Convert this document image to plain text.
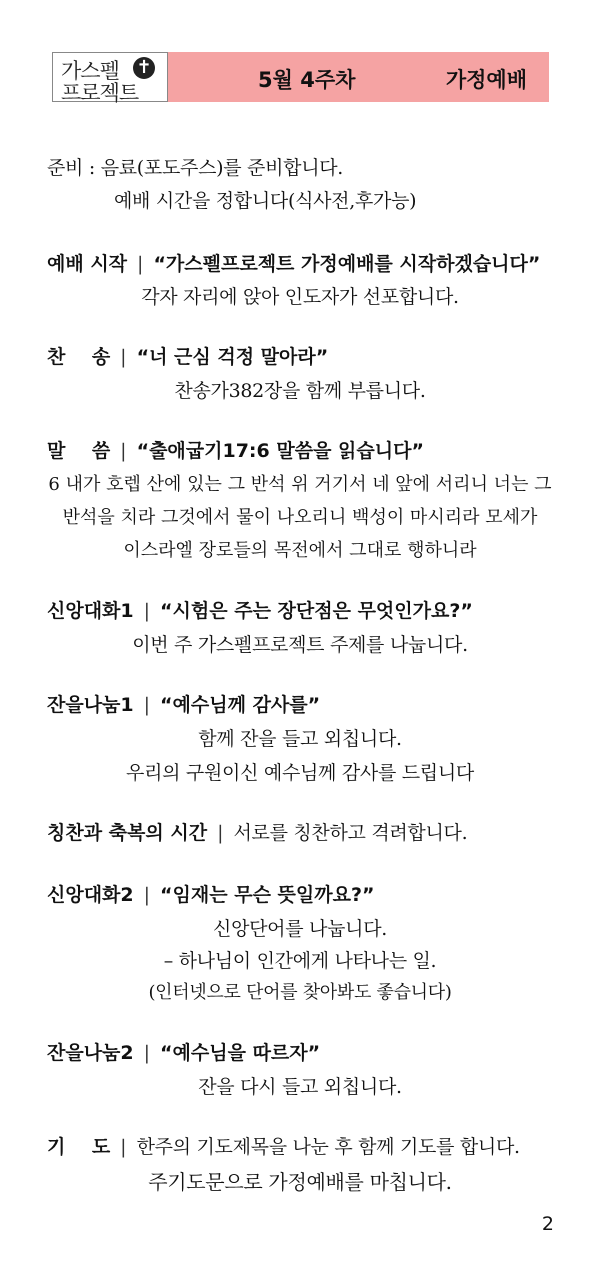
가스펠 ✝
프로젝트
5월 4주차	가정예배
준비 : 음료(포도주스)를 준비합니다.
예배 시간을 정합니다(식사전,후가능)
예배 시작 | “가스펠프로젝트 가정예배를 시작하겠습니다”
각자 자리에 앉아 인도자가 선포합니다.
찬    송 | “너 근심 걱정 말아라”
찬송가382장을 함께 부릅니다.
말    씀 | “출애굽기17:6 말씀을 읽습니다”
6 내가 호렙 산에 있는 그 반석 위 거기서 네 앞에 서리니 너는 그
반석을 치라 그것에서 물이 나오리니 백성이 마시리라 모세가
이스라엘 장로들의 목전에서 그대로 행하니라
신앙대화1 | “시험은 주는 장단점은 무엇인가요?”
이번 주 가스펠프로젝트 주제를 나눕니다.
잔을나눔1 | “예수님께 감사를”
함께 잔을 들고 외칩니다.
우리의 구원이신 예수님께 감사를 드립니다
칭찬과 축복의 시간 | 서로를 칭찬하고 격려합니다.
신앙대화2 | “임재는 무슨 뜻일까요?”
신앙단어를 나눕니다.
– 하나님이 인간에게 나타나는 일.
(인터넷으로 단어를 찾아봐도 좋습니다)
잔을나눔2 | “예수님을 따르자”
잔을 다시 들고 외칩니다.
기    도 | 한주의 기도제목을 나눈 후 함께 기도를 합니다.
주기도문으로 가정예배를 마칩니다.
2
